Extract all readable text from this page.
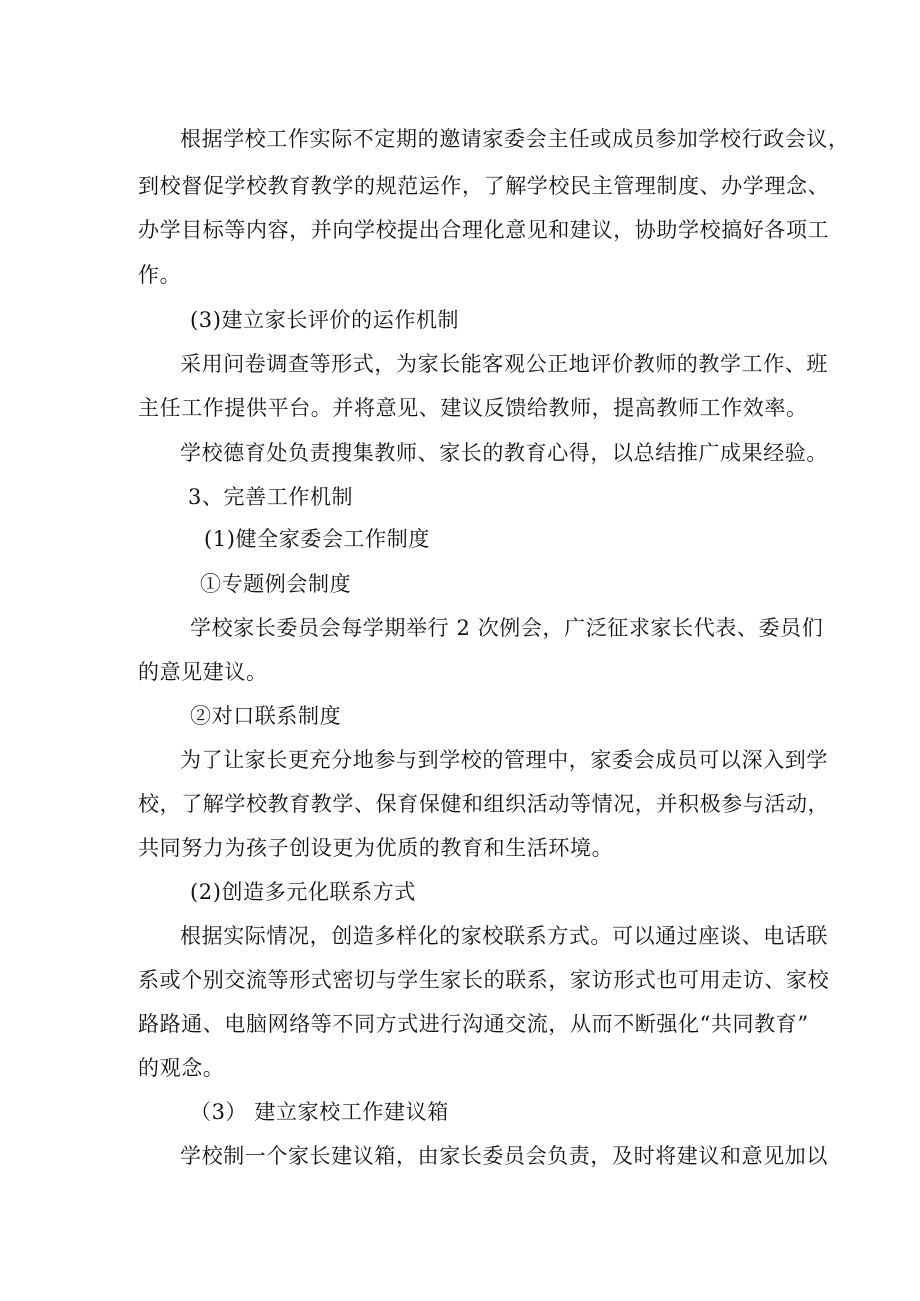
根据学校工作实际不定期的邀请家委会主任或成员参加学校行政会议，
到校督促学校教育教学的规范运作，了解学校民主管理制度、办学理念、
办学目标等内容，并向学校提出合理化意见和建议，协助学校搞好各项工
作。
(3)建立家长评价的运作机制
采用问卷调查等形式，为家长能客观公正地评价教师的教学工作、班
主任工作提供平台。并将意见、建议反馈给教师，提高教师工作效率。
学校德育处负责搜集教师、家长的教育心得，以总结推广成果经验。
3、完善工作机制
(1)健全家委会工作制度
①专题例会制度
学校家长委员会每学期举行 2 次例会，广泛征求家长代表、委员们
的意见建议。
②对口联系制度
为了让家长更充分地参与到学校的管理中，家委会成员可以深入到学
校，了解学校教育教学、保育保健和组织活动等情况，并积极参与活动，
共同努力为孩子创设更为优质的教育和生活环境。
(2)创造多元化联系方式
根据实际情况，创造多样化的家校联系方式。可以通过座谈、电话联
系或个别交流等形式密切与学生家长的联系，家访形式也可用走访、家校
路路通、电脑网络等不同方式进行沟通交流，从而不断强化“共同教育”
的观念。
（3） 建立家校工作建议箱
学校制一个家长建议箱，由家长委员会负责，及时将建议和意见加以
